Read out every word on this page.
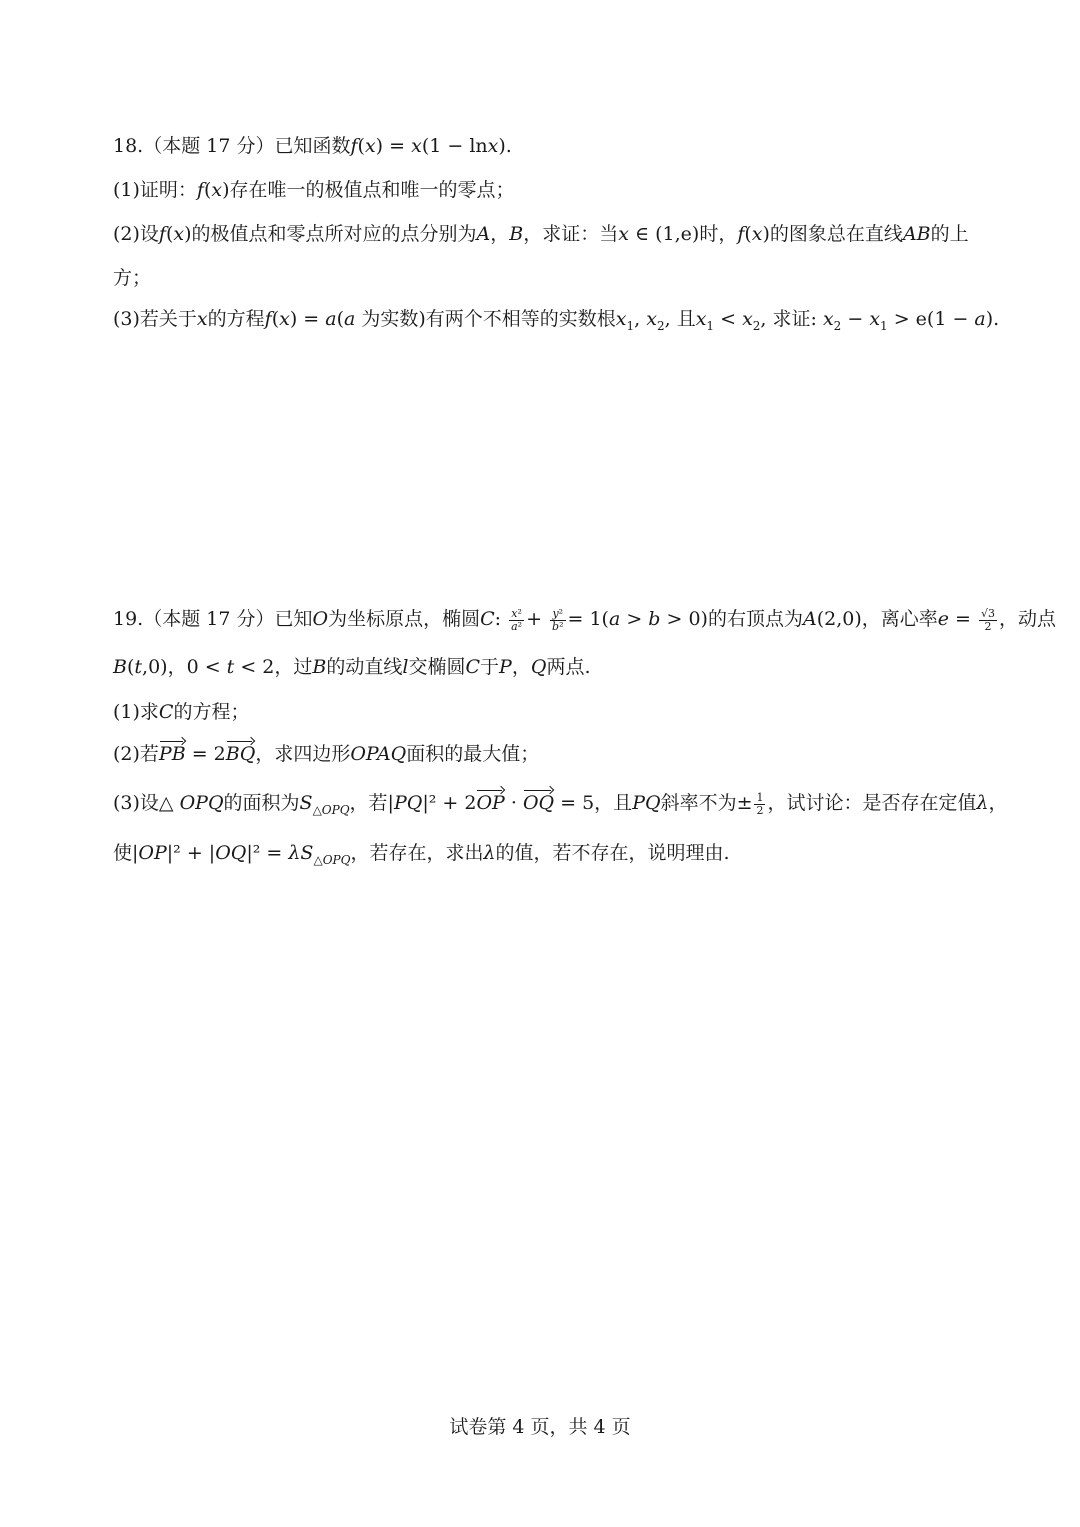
18.（本题 17 分）已知函数f(x) = x(1 − lnx).
(1)证明：f(x)存在唯一的极值点和唯一的零点；
(2)设f(x)的极值点和零点所对应的点分别为A，B，求证：当x ∈ (1,e)时，f(x)的图象总在直线AB的上
方；
(3)若关于x的方程f(x) = a(a 为实数)有两个不相等的实数根$x_1$, $x_2$, 且$x_1 < x_2$, 求证: $x_2 - x_1 > e(1 - a)$.
19.（本题 17 分）已知O为坐标原点，椭圆C: $\frac{\text{x²}}{\text{a²}} + \frac{\text{y²}}{\text{b²}} = 1(a > b > 0)$的右顶点为A(2,0)，离心率$e = \frac{√3}{2}$ ，动点
B(t,0)，0 < t < 2，过B的动直线l交椭圆C于P，Q两点.
(1)求C的方程；
(2)若PB = 2BQ，求四边形OPAQ面积的最大值；
(3)设△ OPQ的面积为$S_{\triangle OPQ}$，若|PQ|² + 2OP · OQ = 5，且PQ斜率不为± $\frac{1}{2}$ ，试讨论：是否存在定值λ，
使$|OP|^2 + |OQ|^2 = \lambda S_{\triangle OPQ}$，若存在，求出λ的值，若不存在，说明理由.
试卷第 4 页，共 4 页
